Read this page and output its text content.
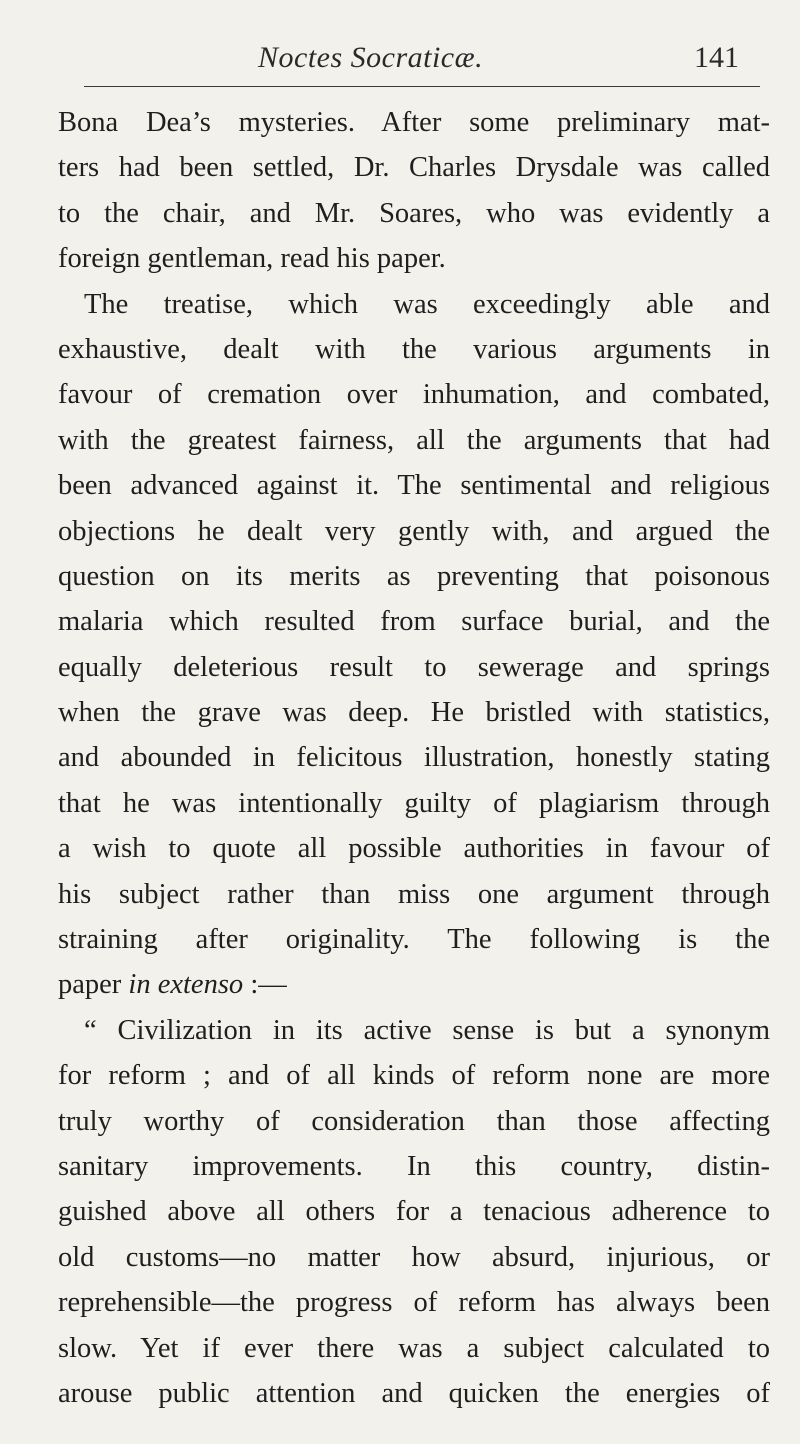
Noctes Socraticæ.	141
Bona Dea’s mysteries. After some preliminary mat-
ters had been settled, Dr. Charles Drysdale was called
to the chair, and Mr. Soares, who was evidently a
foreign gentleman, read his paper.
The treatise, which was exceedingly able and
exhaustive, dealt with the various arguments in
favour of cremation over inhumation, and combated,
with the greatest fairness, all the arguments that had
been advanced against it. The sentimental and religious
objections he dealt very gently with, and argued the
question on its merits as preventing that poisonous
malaria which resulted from surface burial, and the
equally deleterious result to sewerage and springs
when the grave was deep. He bristled with statistics,
and abounded in felicitous illustration, honestly stating
that he was intentionally guilty of plagiarism through
a wish to quote all possible authorities in favour of
his subject rather than miss one argument through
straining after originality. The following is the
paper in extenso :—
“ Civilization in its active sense is but a synonym
for reform ; and of all kinds of reform none are more
truly worthy of consideration than those affecting
sanitary improvements. In this country, distin-
guished above all others for a tenacious adherence to
old customs—no matter how absurd, injurious, or
reprehensible—the progress of reform has always been
slow. Yet if ever there was a subject calculated to
arouse public attention and quicken the energies of
